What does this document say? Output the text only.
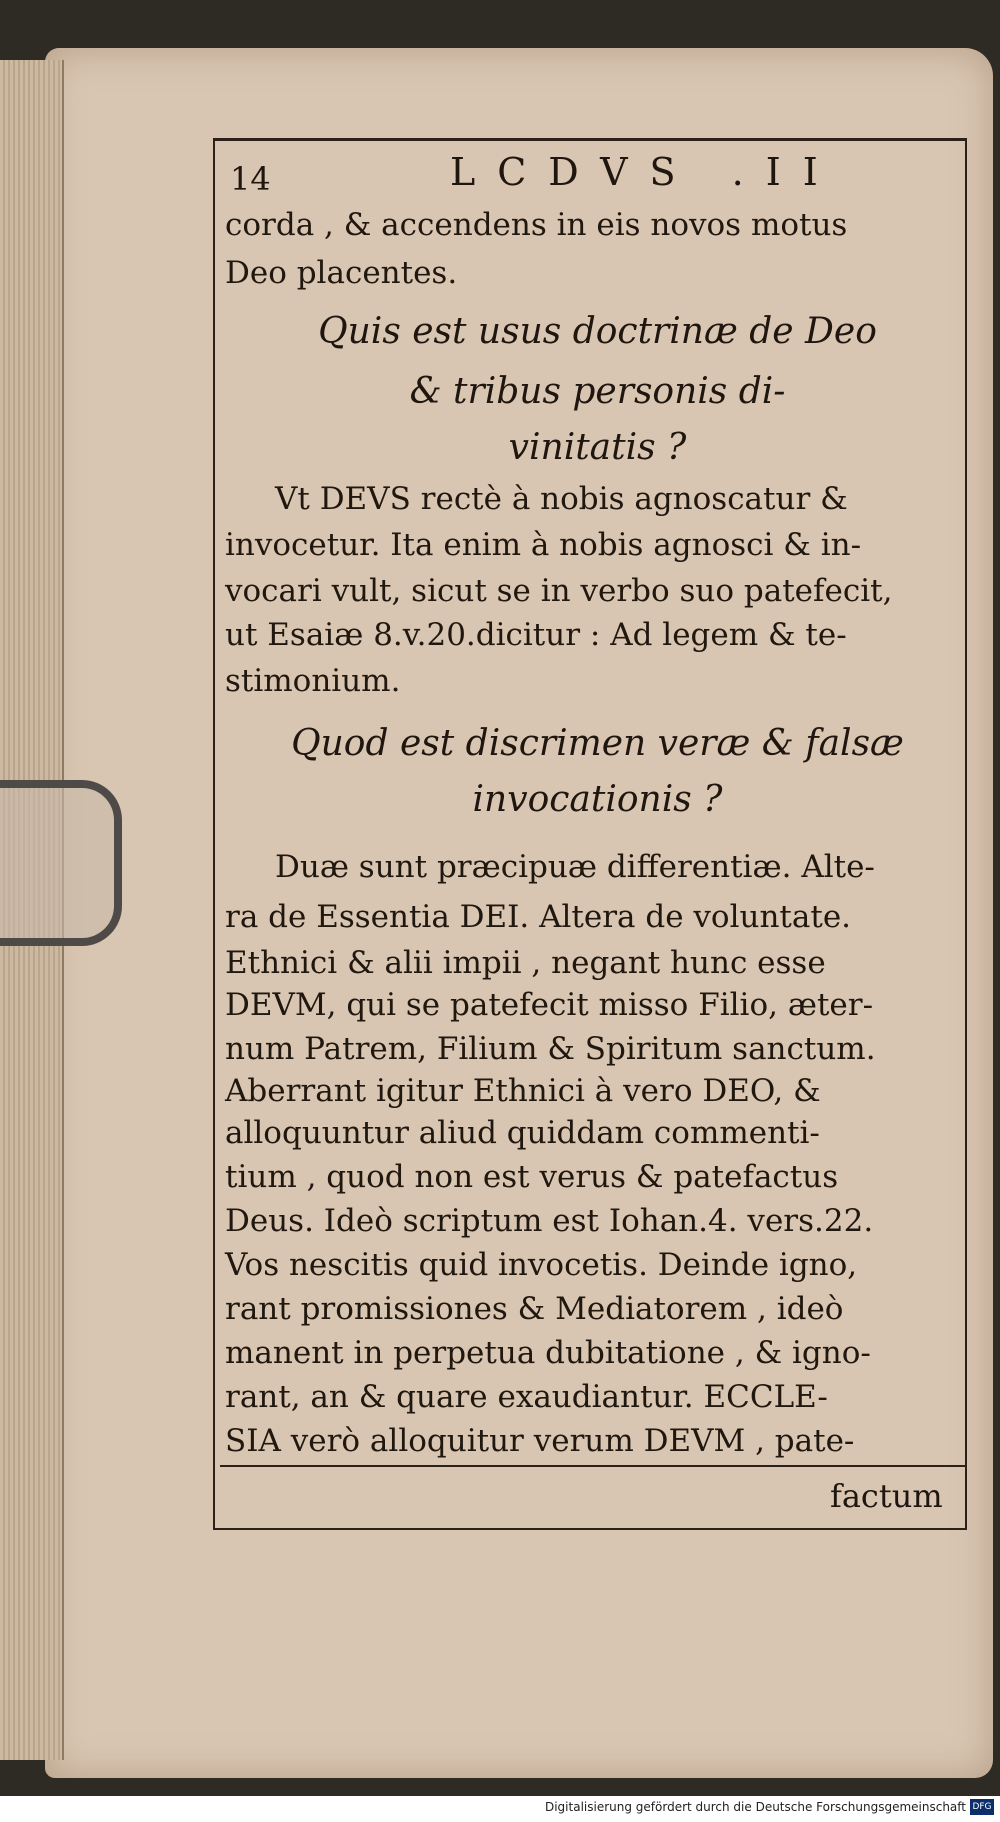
14	LCDVS .II
corda , & accendens in eis novos motus
Deo placentes.
Quis est usus doctrinæ de Deo
& tribus personis di-
vinitatis ?
Vt DEVS rectè à nobis agnoscatur &
invocetur. Ita enim à nobis agnosci & in-
vocari vult, sicut se in verbo suo patefecit,
ut Esaiæ 8.v.20.dicitur : Ad legem & te-
stimonium.
Quod est discrimen veræ & falsæ
invocationis ?
Duæ sunt præcipuæ differentiæ. Alte-
ra de Essentia DEI. Altera de voluntate.
Ethnici & alii impii , negant hunc esse
DEVM, qui se patefecit misso Filio, æter-
num Patrem, Filium & Spiritum sanctum.
Aberrant igitur Ethnici à vero DEO, &
alloquuntur aliud quiddam commenti-
tium , quod non est verus & patefactus
Deus. Ideò scriptum est Iohan.4. vers.22.
Vos nescitis quid invocetis. Deinde igno,
rant promissiones & Mediatorem , ideò
manent in perpetua dubitatione , & igno-
rant, an & quare exaudiantur. ECCLE-
SIA verò alloquitur verum DEVM , pate-
factum
Digitalisierung gefördert durch die Deutsche Forschungsgemeinschaft DFG
